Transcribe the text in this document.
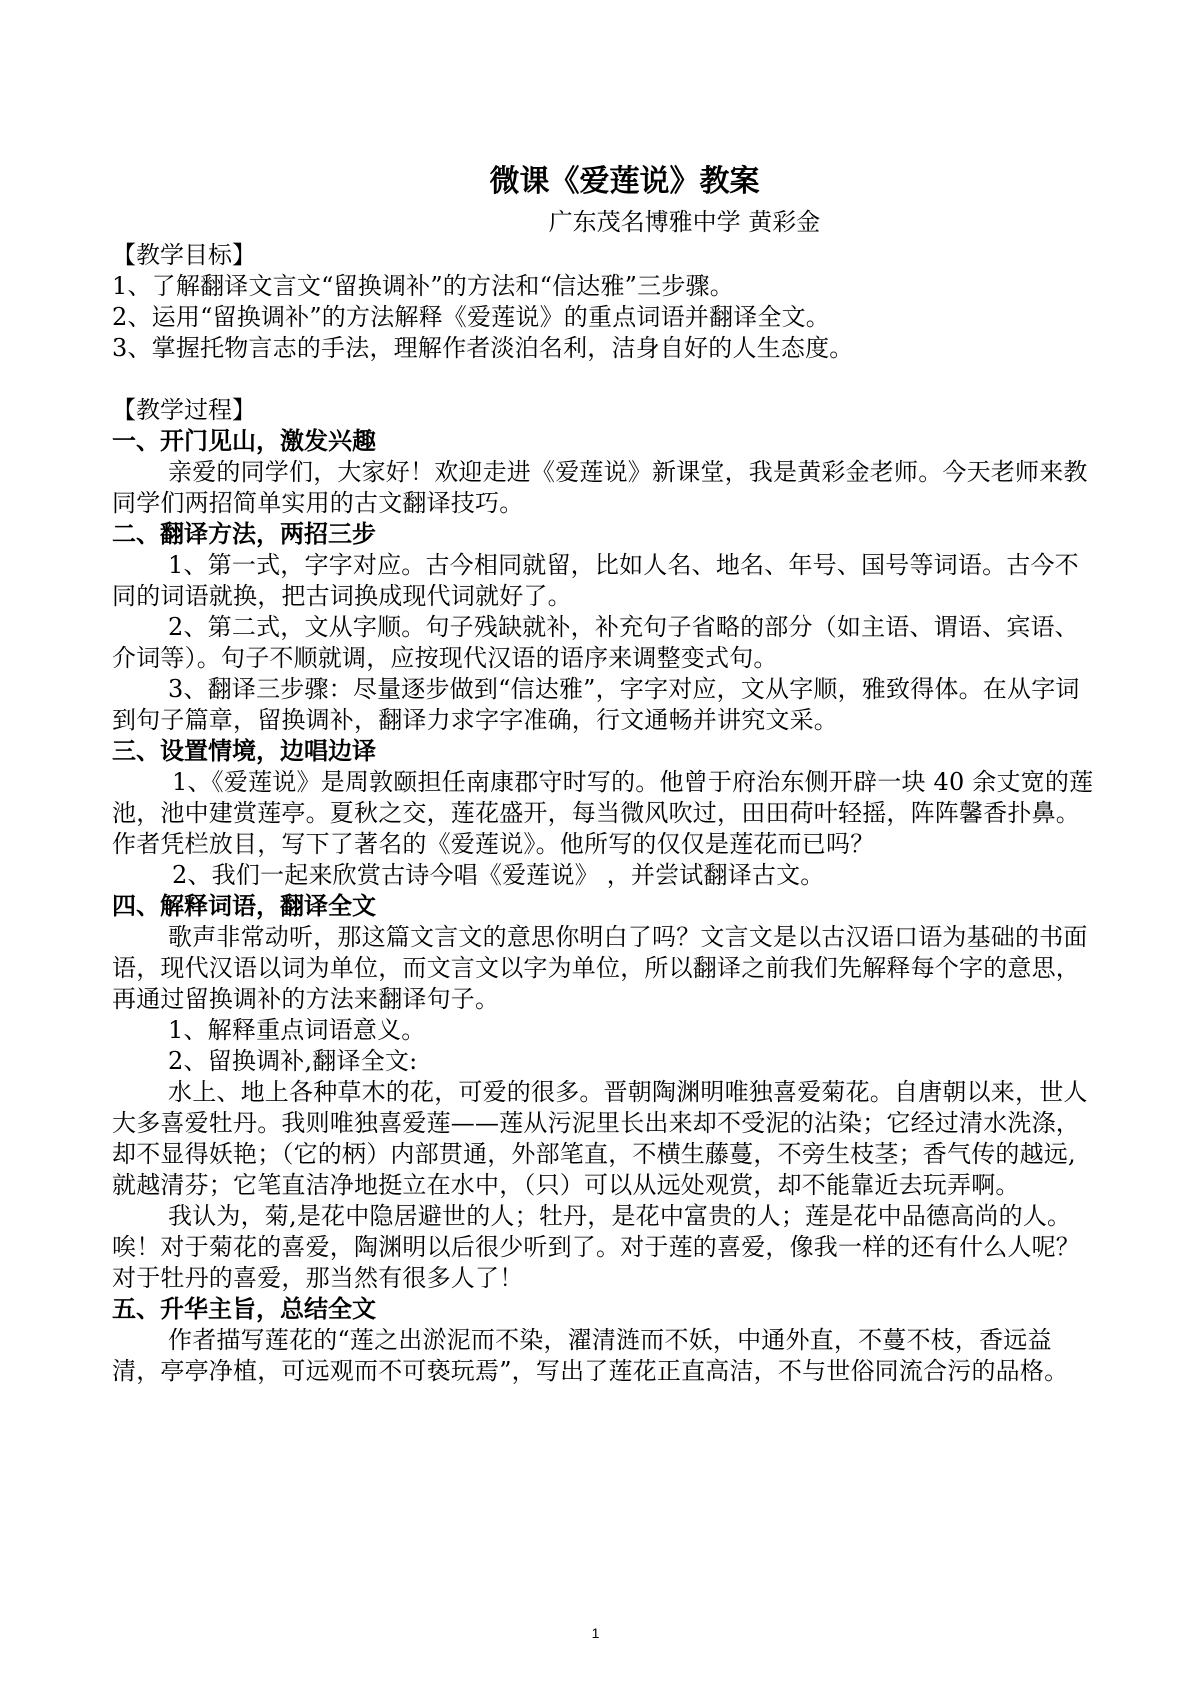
微课《爱莲说》教案
广东茂名博雅中学 黄彩金

【教学目标】

1、了解翻译文言文“留换调补”的方法和“信达雅”三步骤。

2、运用“留换调补”的方法解释《爱莲说》的重点词语并翻译全文。

3、掌握托物言志的手法，理解作者淡泊名利，洁身自好的人生态度。

【教学过程】

一、开门见山，激发兴趣

亲爱的同学们，大家好！欢迎走进《爱莲说》新课堂，我是黄彩金老师。今天老师来教同学们两招简单实用的古文翻译技巧。

二、翻译方法，两招三步

1、第一式，字字对应。古今相同就留，比如人名、地名、年号、国号等词语。古今不同的词语就换，把古词换成现代词就好了。

2、第二式，文从字顺。句子残缺就补，补充句子省略的部分（如主语、谓语、宾语、介词等）。句子不顺就调，应按现代汉语的语序来调整变式句。

3、翻译三步骤：尽量逐步做到“信达雅”，字字对应，文从字顺，雅致得体。在从字词到句子篇章，留换调补，翻译力求字字准确，行文通畅并讲究文采。

三、设置情境，边唱边译

1、《爱莲说》是周敦颐担任南康郡守时写的。他曾于府治东侧开辟一块 40 余丈宽的莲池，池中建赏莲亭。夏秋之交，莲花盛开，每当微风吹过，田田荷叶轻摇，阵阵馨香扑鼻。作者凭栏放目，写下了著名的《爱莲说》。他所写的仅仅是莲花而已吗？

2、我们一起来欣赏古诗今唱《爱莲说》 ，并尝试翻译古文。

四、解释词语，翻译全文

歌声非常动听，那这篇文言文的意思你明白了吗？文言文是以古汉语口语为基础的书面语，现代汉语以词为单位，而文言文以字为单位，所以翻译之前我们先解释每个字的意思，再通过留换调补的方法来翻译句子。

1、解释重点词语意义。

2、留换调补,翻译全文:

水上、地上各种草木的花，可爱的很多。晋朝陶渊明唯独喜爱菊花。自唐朝以来，世人大多喜爱牡丹。我则唯独喜爱莲——莲从污泥里长出来却不受泥的沾染；它经过清水洗涤，却不显得妖艳；（它的柄）内部贯通，外部笔直，不横生藤蔓，不旁生枝茎；香气传的越远,就越清芬；它笔直洁净地挺立在水中，（只）可以从远处观赏，却不能靠近去玩弄啊。

我认为，菊,是花中隐居避世的人；牡丹，是花中富贵的人；莲是花中品德高尚的人。唉！对于菊花的喜爱，陶渊明以后很少听到了。对于莲的喜爱，像我一样的还有什么人呢？对于牡丹的喜爱，那当然有很多人了！

五、升华主旨，总结全文

作者描写莲花的“莲之出淤泥而不染，濯清涟而不妖，中通外直，不蔓不枝，香远益清，亭亭净植，可远观而不可亵玩焉”，写出了莲花正直高洁，不与世俗同流合污的品格。

1
